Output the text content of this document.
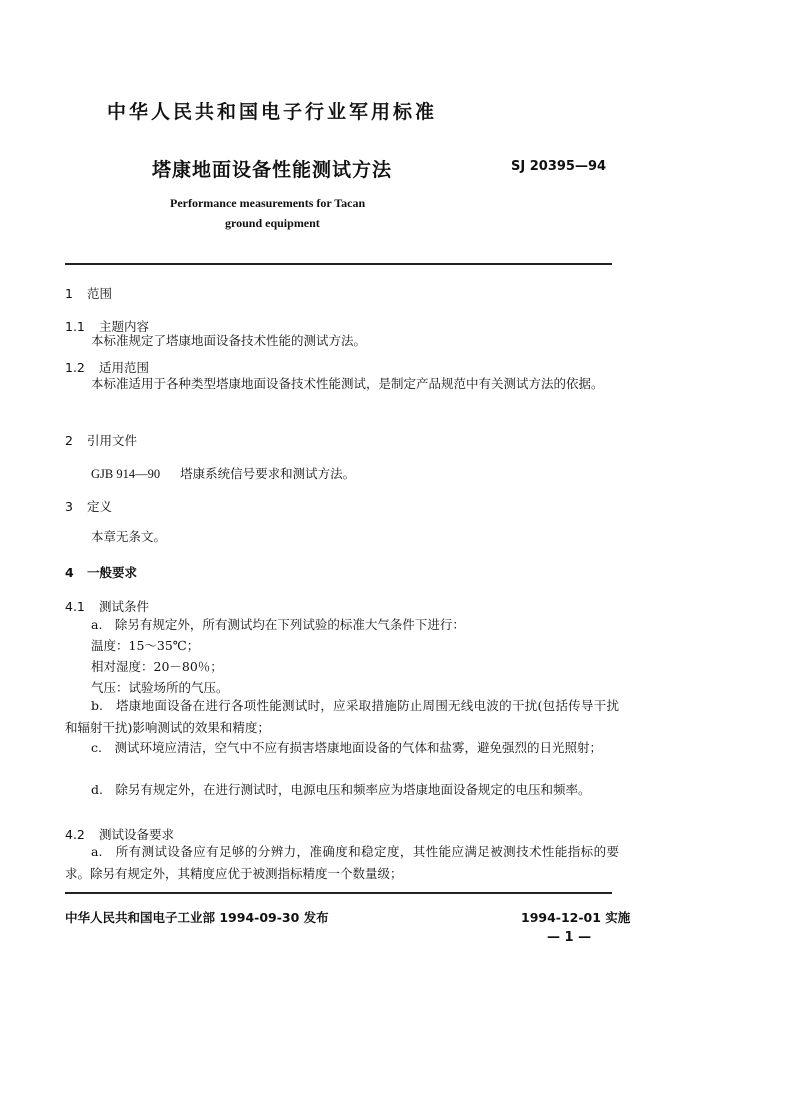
中华人民共和国电子行业军用标准
塔康地面设备性能测试方法	SJ 20395—94
Performance measurements for Tacan
ground equipment
1 范围
1.1 主题内容
本标准规定了塔康地面设备技术性能的测试方法。
1.2 适用范围
本标准适用于各种类型塔康地面设备技术性能测试，是制定产品规范中有关测试方法的依据。
2 引用文件
GJB 914—90 塔康系统信号要求和测试方法。
3 定义
本章无条文。
4 一般要求
4.1 测试条件
a.　除另有规定外，所有测试均在下列试验的标准大气条件下进行：
温度：15～35℃；
相对湿度：20－80％；
气压：试验场所的气压。
b.　塔康地面设备在进行各项性能测试时，应采取措施防止周围无线电波的干扰(包括传导干扰和辐射干扰)影响测试的效果和精度；
c.　测试环境应清洁，空气中不应有损害塔康地面设备的气体和盐雾，避免强烈的日光照射；
d.　除另有规定外，在进行测试时，电源电压和频率应为塔康地面设备规定的电压和频率。
4.2 测试设备要求
a.　所有测试设备应有足够的分辨力，准确度和稳定度，其性能应满足被测技术性能指标的要求。除另有规定外，其精度应优于被测指标精度一个数量级；
中华人民共和国电子工业部 1994-09-30 发布	1994-12-01 实施
— 1 —
